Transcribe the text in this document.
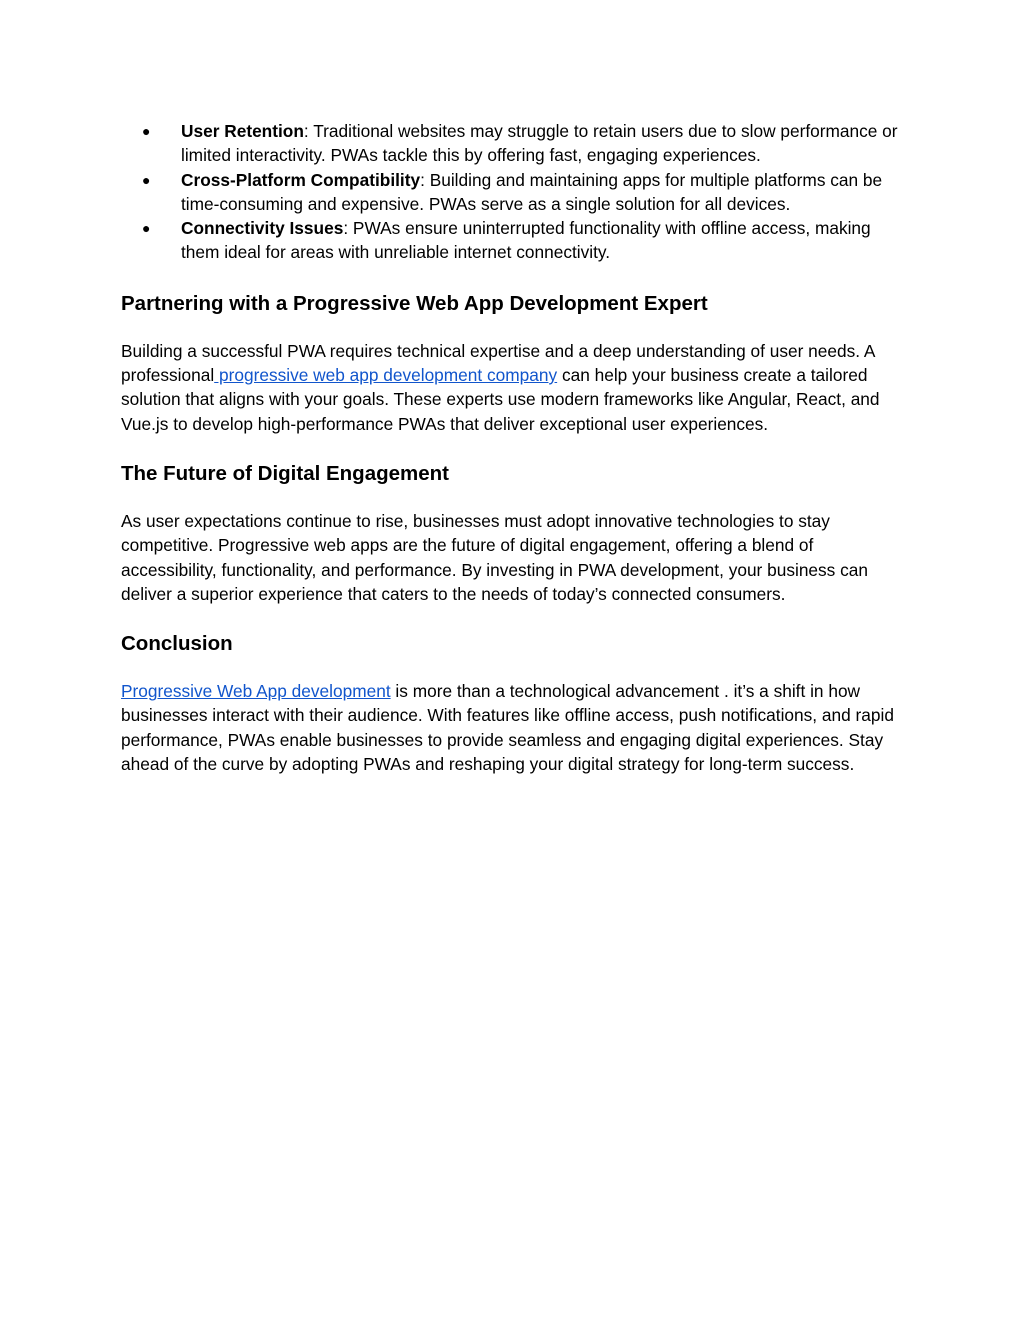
● User Retention: Traditional websites may struggle to retain users due to slow performance or limited interactivity. PWAs tackle this by offering fast, engaging experiences.
● Cross-Platform Compatibility: Building and maintaining apps for multiple platforms can be time-consuming and expensive. PWAs serve as a single solution for all devices.
● Connectivity Issues: PWAs ensure uninterrupted functionality with offline access, making them ideal for areas with unreliable internet connectivity.
Partnering with a Progressive Web App Development Expert

Building a successful PWA requires technical expertise and a deep understanding of user needs. A professional progressive web app development company can help your business create a tailored solution that aligns with your goals. These experts use modern frameworks like Angular, React, and Vue.js to develop high-performance PWAs that deliver exceptional user experiences.

The Future of Digital Engagement

As user expectations continue to rise, businesses must adopt innovative technologies to stay competitive. Progressive web apps are the future of digital engagement, offering a blend of accessibility, functionality, and performance. By investing in PWA development, your business can deliver a superior experience that caters to the needs of today’s connected consumers.

Conclusion

Progressive Web App development is more than a technological advancement . it’s a shift in how businesses interact with their audience. With features like offline access, push notifications, and rapid performance, PWAs enable businesses to provide seamless and engaging digital experiences. Stay ahead of the curve by adopting PWAs and reshaping your digital strategy for long-term success.
